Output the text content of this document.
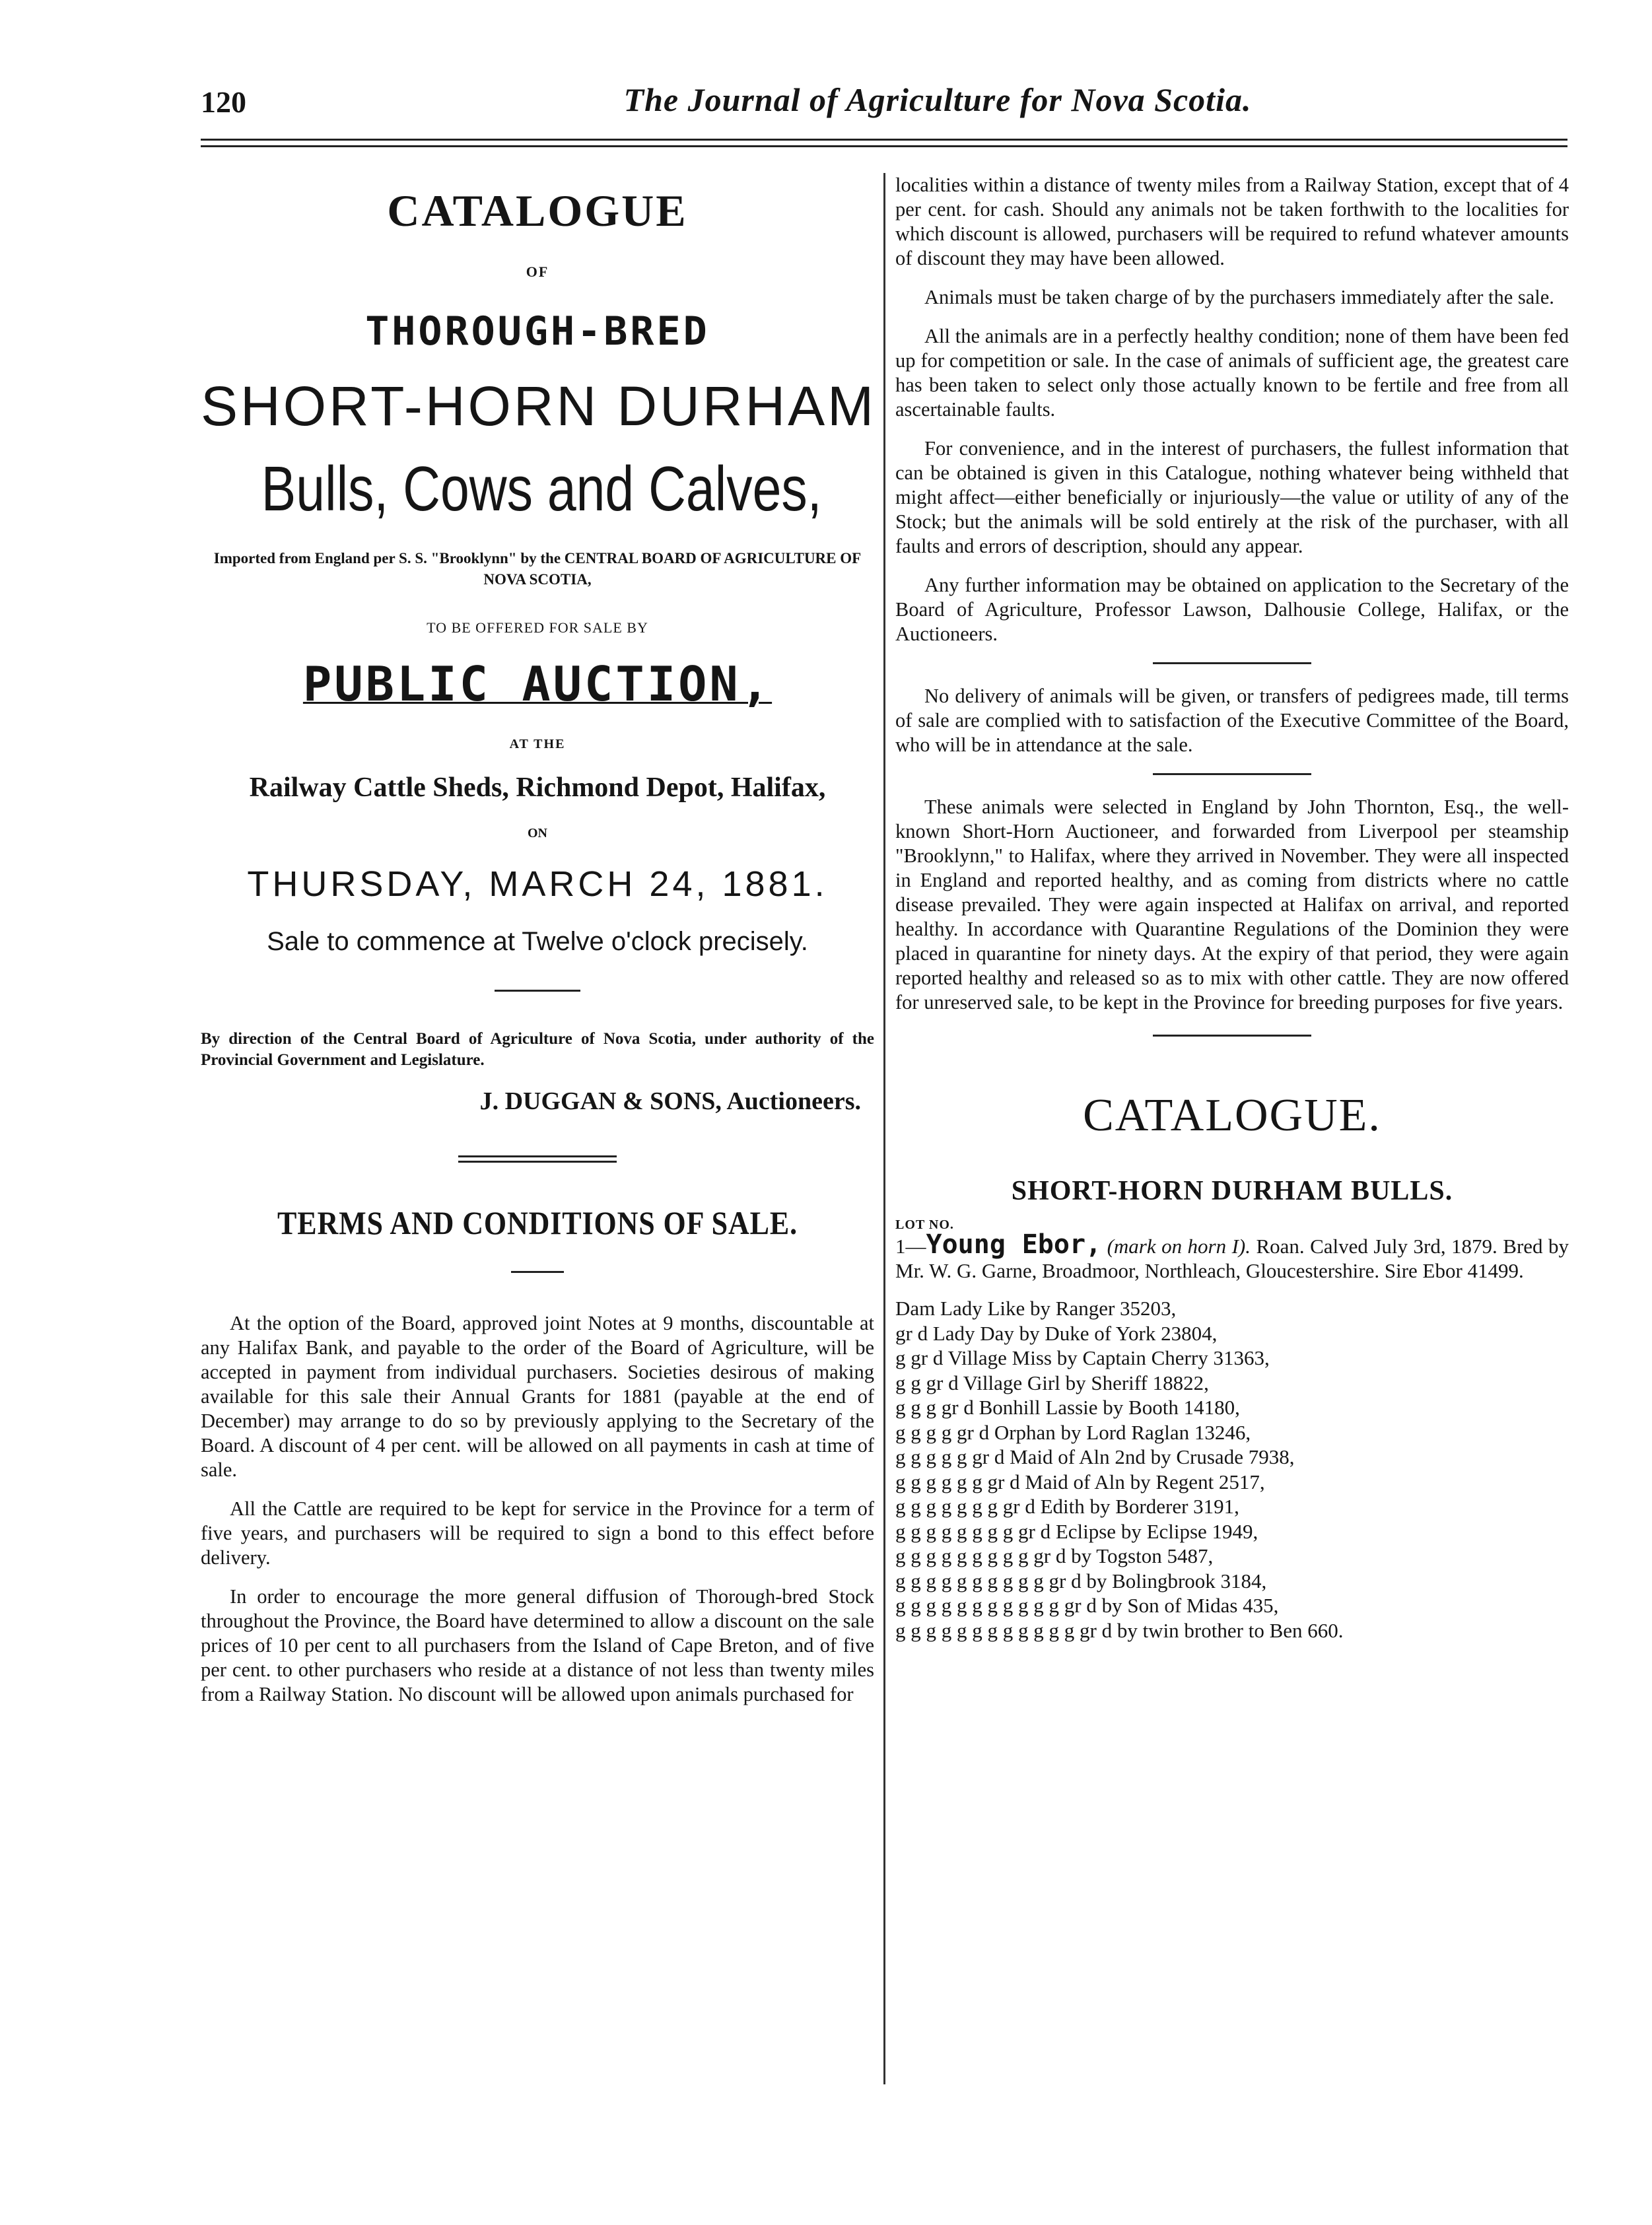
120	The Journal of Agriculture for Nova Scotia.
CATALOGUE
OF
THOROUGH-BRED
SHORT-HORN DURHAM
Bulls, Cows and Calves,
Imported from England per S. S. "Brooklynn" by the CENTRAL BOARD OF AGRICULTURE OF NOVA SCOTIA,
TO BE OFFERED FOR SALE BY
PUBLIC AUCTION,
AT THE
Railway Cattle Sheds, Richmond Depot, Halifax,
ON
THURSDAY, MARCH 24, 1881.
Sale to commence at Twelve o'clock precisely.
By direction of the Central Board of Agriculture of Nova Scotia, under authority of the Provincial Government and Legislature.
J. DUGGAN & SONS, Auctioneers.
TERMS AND CONDITIONS OF SALE.

At the option of the Board, approved joint Notes at 9 months, discountable at any Halifax Bank, and payable to the order of the Board of Agriculture, will be accepted in payment from individual purchasers. Societies desirous of making available for this sale their Annual Grants for 1881 (payable at the end of December) may arrange to do so by previously applying to the Secretary of the Board. A discount of 4 per cent. will be allowed on all payments in cash at time of sale.

All the Cattle are required to be kept for service in the Province for a term of five years, and purchasers will be required to sign a bond to this effect before delivery.

In order to encourage the more general diffusion of Thorough-bred Stock throughout the Province, the Board have determined to allow a discount on the sale prices of 10 per cent to all purchasers from the Island of Cape Breton, and of five per cent. to other purchasers who reside at a distance of not less than twenty miles from a Railway Station. No discount will be allowed upon animals purchased for

localities within a distance of twenty miles from a Railway Station, except that of 4 per cent. for cash. Should any animals not be taken forthwith to the localities for which discount is allowed, purchasers will be required to refund whatever amounts of discount they may have been allowed.

Animals must be taken charge of by the purchasers immediately after the sale.

All the animals are in a perfectly healthy condition; none of them have been fed up for competition or sale. In the case of animals of sufficient age, the greatest care has been taken to select only those actually known to be fertile and free from all ascertainable faults.

For convenience, and in the interest of purchasers, the fullest information that can be obtained is given in this Catalogue, nothing whatever being withheld that might affect—either beneficially or injuriously—the value or utility of any of the Stock; but the animals will be sold entirely at the risk of the purchaser, with all faults and errors of description, should any appear.

Any further information may be obtained on application to the Secretary of the Board of Agriculture, Professor Lawson, Dalhousie College, Halifax, or the Auctioneers.

No delivery of animals will be given, or transfers of pedigrees made, till terms of sale are complied with to satisfaction of the Executive Committee of the Board, who will be in attendance at the sale.

These animals were selected in England by John Thornton, Esq., the well-known Short-Horn Auctioneer, and forwarded from Liverpool per steamship "Brooklynn," to Halifax, where they arrived in November. They were all inspected in England and reported healthy, and as coming from districts where no cattle disease prevailed. They were again inspected at Halifax on arrival, and reported healthy. In accordance with Quarantine Regulations of the Dominion they were placed in quarantine for ninety days. At the expiry of that period, they were again reported healthy and released so as to mix with other cattle. They are now offered for unreserved sale, to be kept in the Province for breeding purposes for five years.

CATALOGUE.
SHORT-HORN DURHAM BULLS.
LOT NO.

1—Young Ebor, (mark on horn I). Roan. Calved July 3rd, 1879. Bred by Mr. W. G. Garne, Broadmoor, Northleach, Gloucestershire. Sire Ebor 41499.

Dam Lady Like by Ranger 35203,
gr d Lady Day by Duke of York 23804,
g gr d Village Miss by Captain Cherry 31363,
g g gr d Village Girl by Sheriff 18822,
g g g gr d Bonhill Lassie by Booth 14180,
g g g g gr d Orphan by Lord Raglan 13246,
g g g g g gr d Maid of Aln 2nd by Crusade 7938,
g g g g g g gr d Maid of Aln by Regent 2517,
g g g g g g g gr d Edith by Borderer 3191,
g g g g g g g g gr d Eclipse by Eclipse 1949,
g g g g g g g g g gr d by Togston 5487,
g g g g g g g g g g gr d by Bolingbrook 3184,
g g g g g g g g g g g gr d by Son of Midas 435,
g g g g g g g g g g g g gr d by twin brother to Ben 660.
